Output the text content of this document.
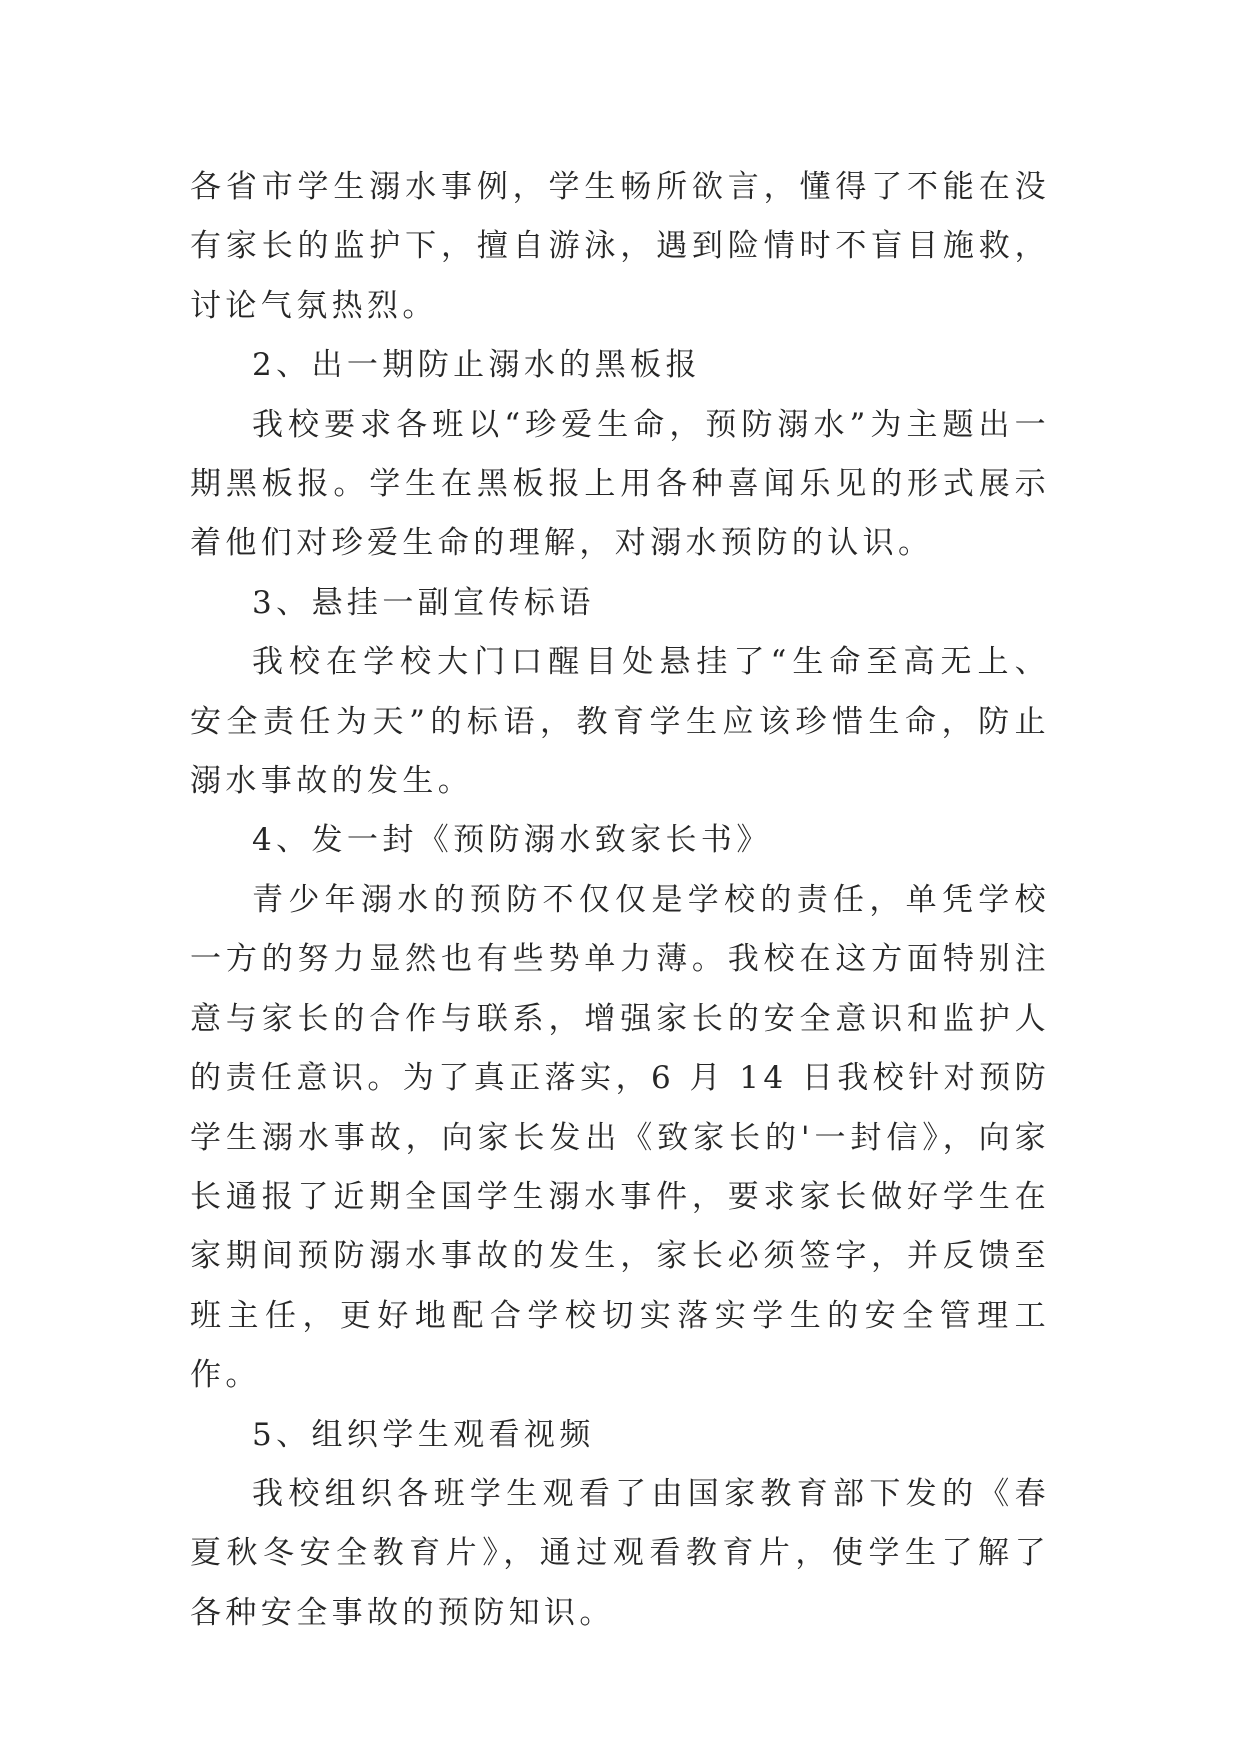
各省市学生溺水事例，学生畅所欲言，懂得了不能在没有家长的监护下，擅自游泳，遇到险情时不盲目施救，讨论气氛热烈。

2、出一期防止溺水的黑板报

我校要求各班以“珍爱生命，预防溺水”为主题出一期黑板报。学生在黑板报上用各种喜闻乐见的形式展示着他们对珍爱生命的理解，对溺水预防的认识。

3、悬挂一副宣传标语

我校在学校大门口醒目处悬挂了“生命至高无上、安全责任为天”的标语，教育学生应该珍惜生命，防止溺水事故的发生。

4、发一封《预防溺水致家长书》

青少年溺水的预防不仅仅是学校的责任，单凭学校一方的努力显然也有些势单力薄。我校在这方面特别注意与家长的合作与联系，增强家长的安全意识和监护人的责任意识。为了真正落实，6 月 14 日我校针对预防学生溺水事故，向家长发出《致家长的'一封信》，向家长通报了近期全国学生溺水事件，要求家长做好学生在家期间预防溺水事故的发生，家长必须签字，并反馈至班主任，更好地配合学校切实落实学生的安全管理工作。

5、组织学生观看视频

我校组织各班学生观看了由国家教育部下发的《春夏秋冬安全教育片》，通过观看教育片，使学生了解了各种安全事故的预防知识。
